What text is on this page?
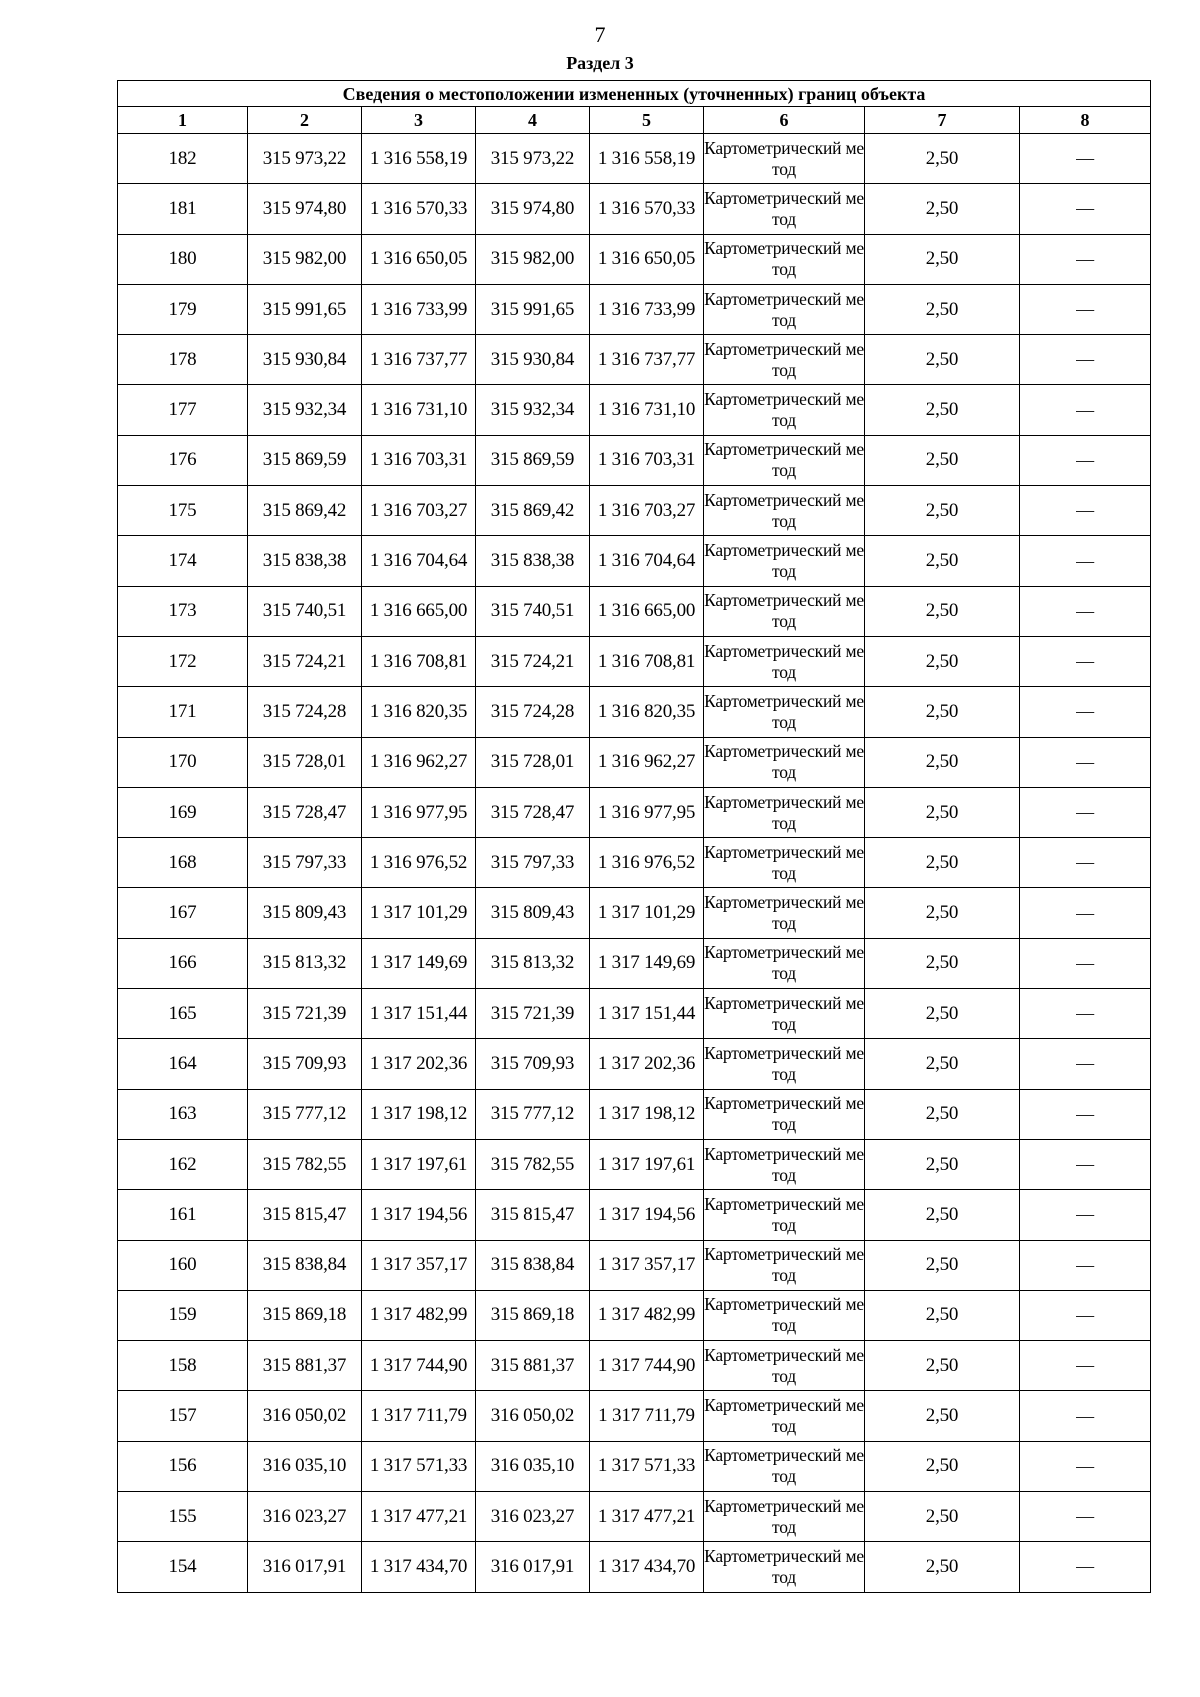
7
Раздел 3
Сведения о местоположении измененных (уточненных) границ объекта							
1	2	3	4	5	6	7	8
182	315 973,22	1 316 558,19	315 973,22	1 316 558,19	Картометрический метод	2,50	—
181	315 974,80	1 316 570,33	315 974,80	1 316 570,33	Картометрический метод	2,50	—
180	315 982,00	1 316 650,05	315 982,00	1 316 650,05	Картометрический метод	2,50	—
179	315 991,65	1 316 733,99	315 991,65	1 316 733,99	Картометрический метод	2,50	—
178	315 930,84	1 316 737,77	315 930,84	1 316 737,77	Картометрический метод	2,50	—
177	315 932,34	1 316 731,10	315 932,34	1 316 731,10	Картометрический метод	2,50	—
176	315 869,59	1 316 703,31	315 869,59	1 316 703,31	Картометрический метод	2,50	—
175	315 869,42	1 316 703,27	315 869,42	1 316 703,27	Картометрический метод	2,50	—
174	315 838,38	1 316 704,64	315 838,38	1 316 704,64	Картометрический метод	2,50	—
173	315 740,51	1 316 665,00	315 740,51	1 316 665,00	Картометрический метод	2,50	—
172	315 724,21	1 316 708,81	315 724,21	1 316 708,81	Картометрический метод	2,50	—
171	315 724,28	1 316 820,35	315 724,28	1 316 820,35	Картометрический метод	2,50	—
170	315 728,01	1 316 962,27	315 728,01	1 316 962,27	Картометрический метод	2,50	—
169	315 728,47	1 316 977,95	315 728,47	1 316 977,95	Картометрический метод	2,50	—
168	315 797,33	1 316 976,52	315 797,33	1 316 976,52	Картометрический метод	2,50	—
167	315 809,43	1 317 101,29	315 809,43	1 317 101,29	Картометрический метод	2,50	—
166	315 813,32	1 317 149,69	315 813,32	1 317 149,69	Картометрический метод	2,50	—
165	315 721,39	1 317 151,44	315 721,39	1 317 151,44	Картометрический метод	2,50	—
164	315 709,93	1 317 202,36	315 709,93	1 317 202,36	Картометрический метод	2,50	—
163	315 777,12	1 317 198,12	315 777,12	1 317 198,12	Картометрический метод	2,50	—
162	315 782,55	1 317 197,61	315 782,55	1 317 197,61	Картометрический метод	2,50	—
161	315 815,47	1 317 194,56	315 815,47	1 317 194,56	Картометрический метод	2,50	—
160	315 838,84	1 317 357,17	315 838,84	1 317 357,17	Картометрический метод	2,50	—
159	315 869,18	1 317 482,99	315 869,18	1 317 482,99	Картометрический метод	2,50	—
158	315 881,37	1 317 744,90	315 881,37	1 317 744,90	Картометрический метод	2,50	—
157	316 050,02	1 317 711,79	316 050,02	1 317 711,79	Картометрический метод	2,50	—
156	316 035,10	1 317 571,33	316 035,10	1 317 571,33	Картометрический метод	2,50	—
155	316 023,27	1 317 477,21	316 023,27	1 317 477,21	Картометрический метод	2,50	—
154	316 017,91	1 317 434,70	316 017,91	1 317 434,70	Картометрический метод	2,50	—
